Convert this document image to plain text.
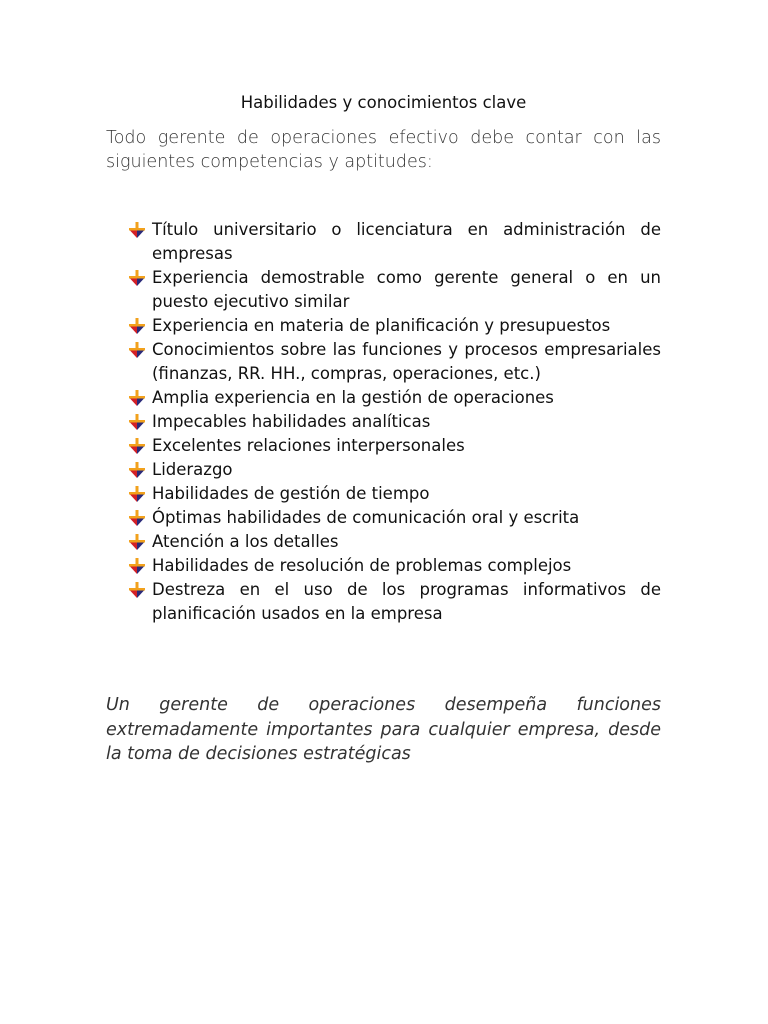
Habilidades y conocimientos clave
Todo gerente de operaciones efectivo debe contar con las siguientes competencias y aptitudes:
Título universitario o licenciatura en administración de empresas
Experiencia demostrable como gerente general o en un puesto ejecutivo similar
Experiencia en materia de planificación y presupuestos
Conocimientos sobre las funciones y procesos empresariales (finanzas, RR. HH., compras, operaciones, etc.)
Amplia experiencia en la gestión de operaciones
Impecables habilidades analíticas
Excelentes relaciones interpersonales
Liderazgo
Habilidades de gestión de tiempo
Óptimas habilidades de comunicación oral y escrita
Atención a los detalles
Habilidades de resolución de problemas complejos
Destreza en el uso de los programas informativos de planificación usados en la empresa
Un gerente de operaciones desempeña funciones extremadamente importantes para cualquier empresa, desde la toma de decisiones estratégicas
